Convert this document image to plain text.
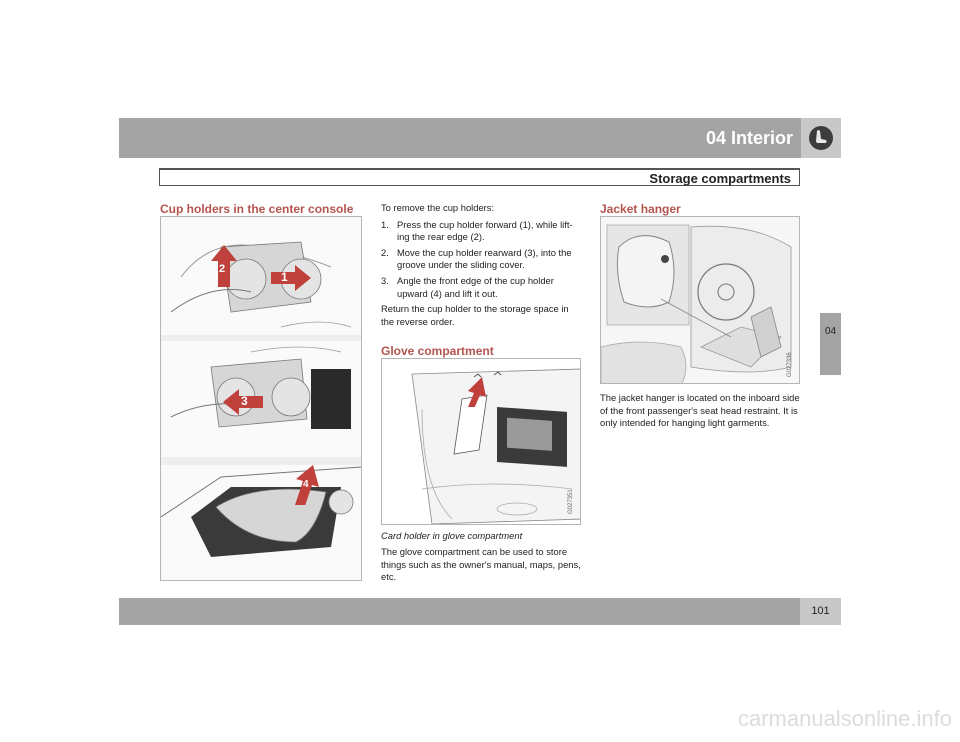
04 Interior
Storage compartments
04
Cup holders in the center console
1
2
3
4

To remove the cup holders:

1. Press the cup holder forward (1), while lift-ing the rear edge (2).
2. Move the cup holder rearward (3), into the groove under the sliding cover.
3. Angle the front edge of the cup holder upward (4) and lift it out.

Return the cup holder to the storage space in the reverse order.

Glove compartment
G027351
Card holder in glove compartment
The glove compartment can be used to store things such as the owner's manual, maps, pens, etc.
Jacket hanger
G027336
The jacket hanger is located on the inboard side of the front passenger's seat head restraint. It is only intended for hanging light garments.
101
carmanualsonline.info
